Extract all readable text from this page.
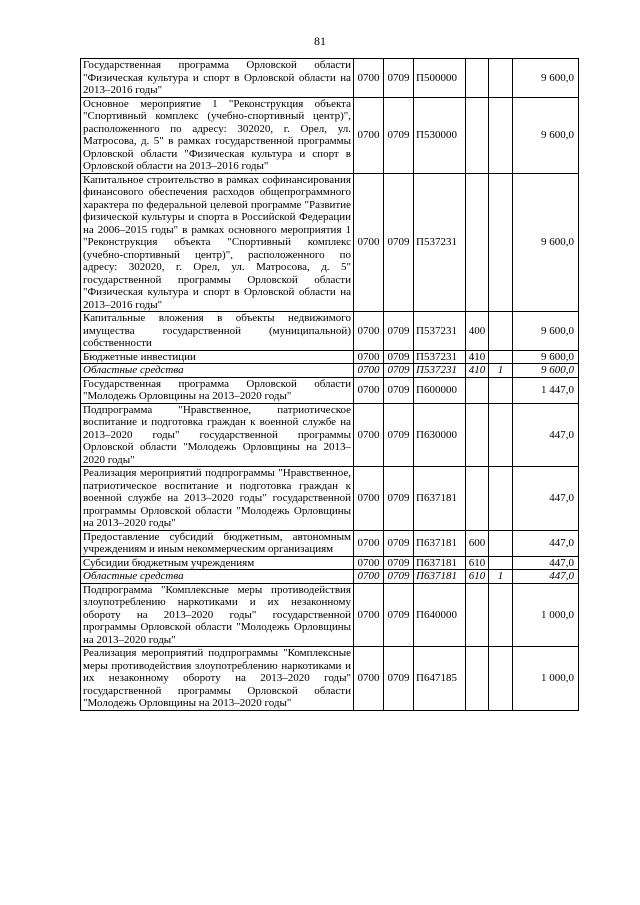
81
Государственная программа Орловской области "Физическая культура и спорт в Орловской области на 2013–2016 годы"	0700	0709	П500000			9 600,0
Основное мероприятие 1 "Реконструкция объекта "Спортивный комплекс (учебно-спортивный центр)", расположенного по адресу: 302020, г. Орел, ул. Матросова, д. 5" в рамках государственной программы Орловской области "Физическая культура и спорт в Орловской области на 2013–2016 годы"	0700	0709	П530000			9 600,0
Капитальное строительство в рамках софинансирования финансового обеспечения расходов общепрограммного характера по федеральной целевой программе "Развитие физической культуры и спорта в Российской Федерации на 2006–2015 годы" в рамках основного мероприятия 1 "Реконструкция объекта "Спортивный комплекс (учебно-спортивный центр)", расположенного по адресу: 302020, г. Орел, ул. Матросова, д. 5" государственной программы Орловской области "Физическая культура и спорт в Орловской области на 2013–2016 годы"	0700	0709	П537231			9 600,0
Капитальные вложения в объекты недвижимого имущества государственной (муниципальной) собственности	0700	0709	П537231	400		9 600,0
Бюджетные инвестиции	0700	0709	П537231	410		9 600,0
Областные средства	0700	0709	П537231	410	1	9 600,0
Государственная программа Орловской области "Молодежь Орловщины на 2013–2020 годы"	0700	0709	П600000			1 447,0
Подпрограмма "Нравственное, патриотическое воспитание и подготовка граждан к военной службе на 2013–2020 годы" государственной программы Орловской области "Молодежь Орловщины на 2013–2020 годы"	0700	0709	П630000			447,0
Реализация мероприятий подпрограммы "Нравственное, патриотическое воспитание и подготовка граждан к военной службе на 2013–2020 годы" государственной программы Орловской области "Молодежь Орловщины на 2013–2020 годы"	0700	0709	П637181			447,0
Предоставление субсидий бюджетным, автономным учреждениям и иным некоммерческим организациям	0700	0709	П637181	600		447,0
Субсидии бюджетным учреждениям	0700	0709	П637181	610		447,0
Областные средства	0700	0709	П637181	610	1	447,0
Подпрограмма "Комплексные меры противодействия злоупотреблению наркотиками и их незаконному обороту на 2013–2020 годы" государственной программы Орловской области "Молодежь Орловщины на 2013–2020 годы"	0700	0709	П640000			1 000,0
Реализация мероприятий подпрограммы "Комплексные меры противодействия злоупотреблению наркотиками и их незаконному обороту на 2013–2020 годы" государственной программы Орловской области "Молодежь Орловщины на 2013–2020 годы"	0700	0709	П647185			1 000,0
